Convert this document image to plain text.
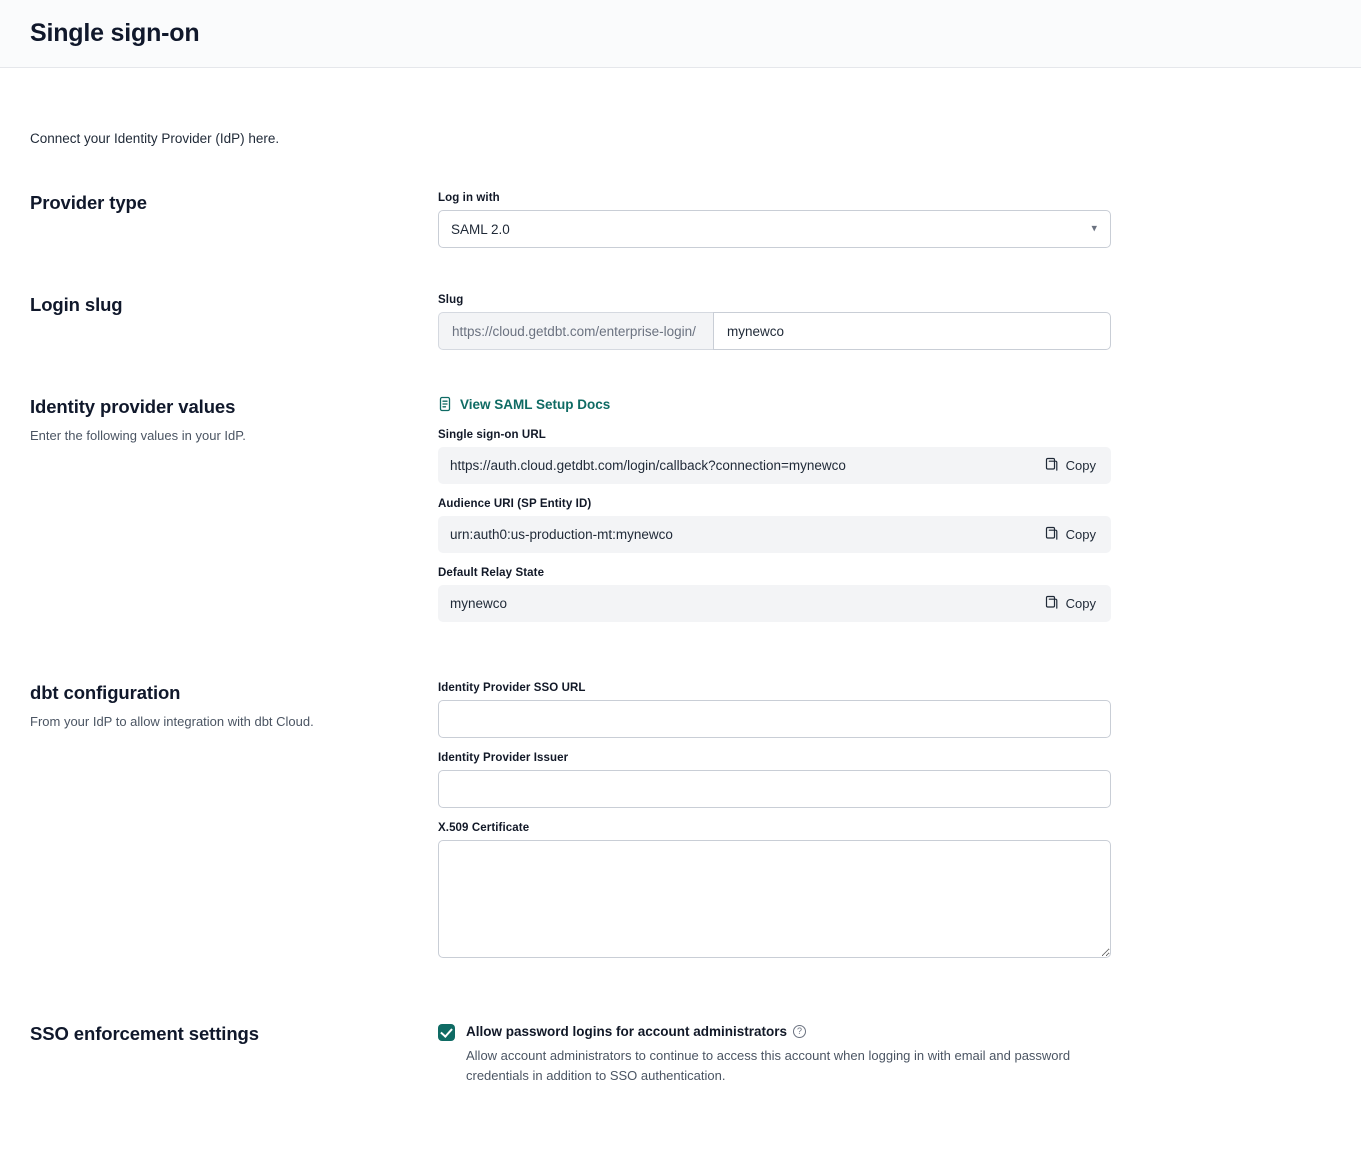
Single sign-on
Connect your Identity Provider (IdP) here.
Provider type	Log in with
SAML 2.0	▾
Login slug	Slug
https://cloud.getdbt.com/enterprise-login/
mynewco
Identity provider values
Enter the following values in your IdP.
View SAML Setup Docs
Single sign-on URL
https://auth.cloud.getdbt.com/login/callback?connection=mynewco	Copy
Audience URI (SP Entity ID)
urn:auth0:us-production-mt:mynewco	Copy
Default Relay State
mynewco	Copy
dbt configuration
From your IdP to allow integration with dbt Cloud.
Identity Provider SSO URL
Identity Provider Issuer
X.509 Certificate
SSO enforcement settings	Allow password logins for account administrators	?
Allow account administrators to continue to access this account when logging in with email and password credentials in addition to SSO authentication.
